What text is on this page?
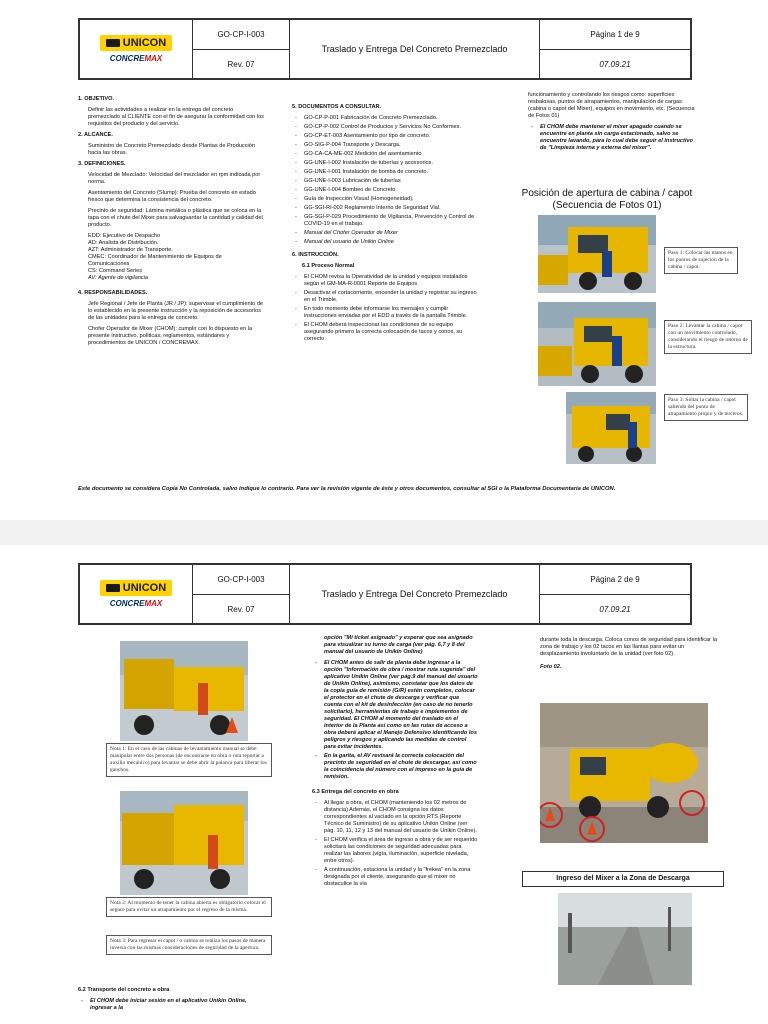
UNICON
CONCREMAX	GO-CP-I-003	Traslado y Entrega Del Concreto Premezclado	Página 1 de 9
	Rev. 07		07.09.21
1. OBJETIVO.

Definir las actividades a realizar en la entrega del concreto premezclado al CLIENTE con el fin de asegurar la conformidad con los requisitos del producto y del servicio.

2. ALCANCE.

Suministro de Concreto Premezclado desde Plantas de Producción hacia las obras.

3. DEFINICIONES.

Velocidad de Mezclado: Velocidad del mezclador en rpm indicada por norma.

Asentamiento del Concreto (Slump): Prueba del concreto en estado fresco que determina la consistencia del concreto.

Precinto de seguridad: Lámina metálica o plástica que se coloca en la tapa con el chute del Mixer para salvaguardar la cantidad y calidad del producto.

EDD: Ejecutivo de Despacho
AD: Analista de Distribución.
AZT: Administrador de Transporte.
CMEC: Coordinador de Mantenimiento de Equipos de Comunicaciones
CS: Command Series
AV: Agente de vigilancia
4. RESPONSABILIDADES.

Jefe Regional / Jefe de Planta (JR / JP): supervisar el cumplimiento de lo establecido en la presente instrucción y la reposición de accesorios de las unidades para la entrega de concreto.

Chofer Operador de Mixer (CHOM): cumplir con lo dispuesto en la presente instructivo, políticas, reglamentos, estándares y procedimientos de UNICON / CONCREMAX.

5. DOCUMENTOS A CONSULTAR.
- GO-CP-P-001 Fabricación de Concreto Premezclado.
- GO-CP-P-002 Control de Productos y Servicios No Conformes.
- GO-CP-ET-003 Asentamiento por tipo de concreto.
- GO-SIG-P-004 Transporte y Descarga.
- GO-CA-CA-ME-002 Medición del asentamiento
- GG-UNE-I-002 Instalación de tuberías y accesorios.
- GG-UNE-I-001 Instalación de bomba de concreto.
- GG-UNE-I-003 Lubricación de tuberías
- GG-UNE-I-004 Bombeo de Concreto.
- Guía de Inspección Visual (Homogeneidad).
- GG-SGI-RI-002 Reglamento Interno de Seguridad Vial.
- GG-SGI-P-029 Procedimiento de Vigilancia, Prevención y Control de COVID-19 en el trabajo.
- Manual del Chofer Operador de Mixer
- Manual del usuario de Unikin Online
6. INSTRUCCIÓN.
6.1 Proceso Normal
- El CHOM revisa la Operatividad de la unidad y equipos instalados según el GM-MA-R-0001 Reporte de Equipos
- Desactivar el cortacorriente, encender la unidad y registrar su ingreso en el Trimble.
- En todo momento debe informarse los mensajes y cumplir instrucciones enviadas por el EDD a través de la pantalla Trimble.
- El CHOM deberá inspeccionar las condiciones de su equipo asegurando primero la correcta colocación de tacos y conos, su correcto

funcionamiento y controlando los riesgos como: superficies resbalosas, puntos de atrapamientos, manipulación de cargas (cabina o capot del Mixer), equipos en movimiento, etc. (Secuencia de Fotos 01)

- El CHOM debe mantener el mixer apagado cuando se encuentre en planta sin carga estacionado, salvo se encuentre lavando, para lo cual debe seguir el instructivo de "Limpieza interna y externa del mixer".
Posición de apertura de cabina / capot (Secuencia de Fotos 01)
Paso 1: Colocar las manos en los puntos de sujeción de la cabina / capot.
Paso 2: Levantar la cabina / capot con un movimiento controlado, considerando el riesgo de retorno de la estructura.
Paso 3: Soltar la cabina / capot saliendo del punto de atrapamiento propio y de terceros.
Este documento se considera Copia No Controlada, salvo indique lo contrario. Para ver la revisión vigente de éste y otros documentos, consultar al SGI o la Plataforma Documentaria de UNICON.
UNICON
CONCREMAX	GO-CP-I-003	Traslado y Entrega Del Concreto Premezclado	Página 2 de 9
	Rev. 07		07.09.21
Nota 1: En el caso de las cabinas de levantamiento manual se debe manipular entre dos personas (de encontrarse en obra o ruta reportar a auxilio mecánico) para levantar se debe abrir la palanca para liberar los ganchos.
Nota 2: Al momento de tener la cabina abierta es obligatorio colocar el seguro para evitar un atrapamiento por el regreso de la misma.
Nota 3: Para regresar el capot / o cabina se realiza los pasos de manera inversa con las mismas consideraciones de seguridad de la apertura.
6.2 Transporte del concreto a obra
- El CHOM debe iniciar sesión en el aplicativo Unikin Online, ingresar a la

opción "Mi ticket asignado" y esperar que sea asignado para visualizar su turno de carga (ver pág. 6,7 y 8 del manual del usuario de Unikin Online)

- El CHOM antes de salir de planta debe ingresar a la opción "Información de obra / mostrar ruta sugerida" del aplicativo Unikin Online (ver pág.9 del manual del usuario de Unikin Online), asimismo, constatar que los datos de la copia guía de remisión (G/R) estén completos, colocar el protector en el chute de descarga y verificar que cuenta con el kit de desinfección (en caso de no tenerlo solicitarlo), herramientas de trabajo e implementos de seguridad. El CHOM al momento del traslado en el interior de la Planta así como en las rutas de acceso a obra deberá aplicar el Manejo Defensivo identificando los peligros y riesgos y aplicando las medidas de control para evitar incidentes.
- En la garita, el AV revisará la correcta colocación del precinto de seguridad en el chute de descargar, así como la coincidencia del número con el impreso en la guía de remisión.
6.3 Entrega del concreto en obra
- Al llegar a obra, el CHOM (manteniendo los 02 metros de distancia) Además, el CHOM consigna los datos correspondientes al vaciado en la opción RTS (Reporte Técnico de Suministro) de su aplicativo Unikin Online (ver pág. 10, 11, 12 y 13 del manual del usuario de Unikin Online).
- El CHOM verifica el área de ingreso a obra y de ser requerido solicitará las condiciones de seguridad adecuadas para realizar las labores (vigía, iluminación, superficie nivelada, entre otros).
- A continuación, estaciona la unidad y la "frekea" en la zona designada por el cliente, asegurando que el mixer no obstaculice la vía

durante toda la descarga. Coloca conos de seguridad para identificar la zona de trabajo y los 02 tacos en las llantas para evitar un desplazamiento involuntario de la unidad (ver foto 02).

Foto 02.

Ingreso del Mixer a la Zona de Descarga
